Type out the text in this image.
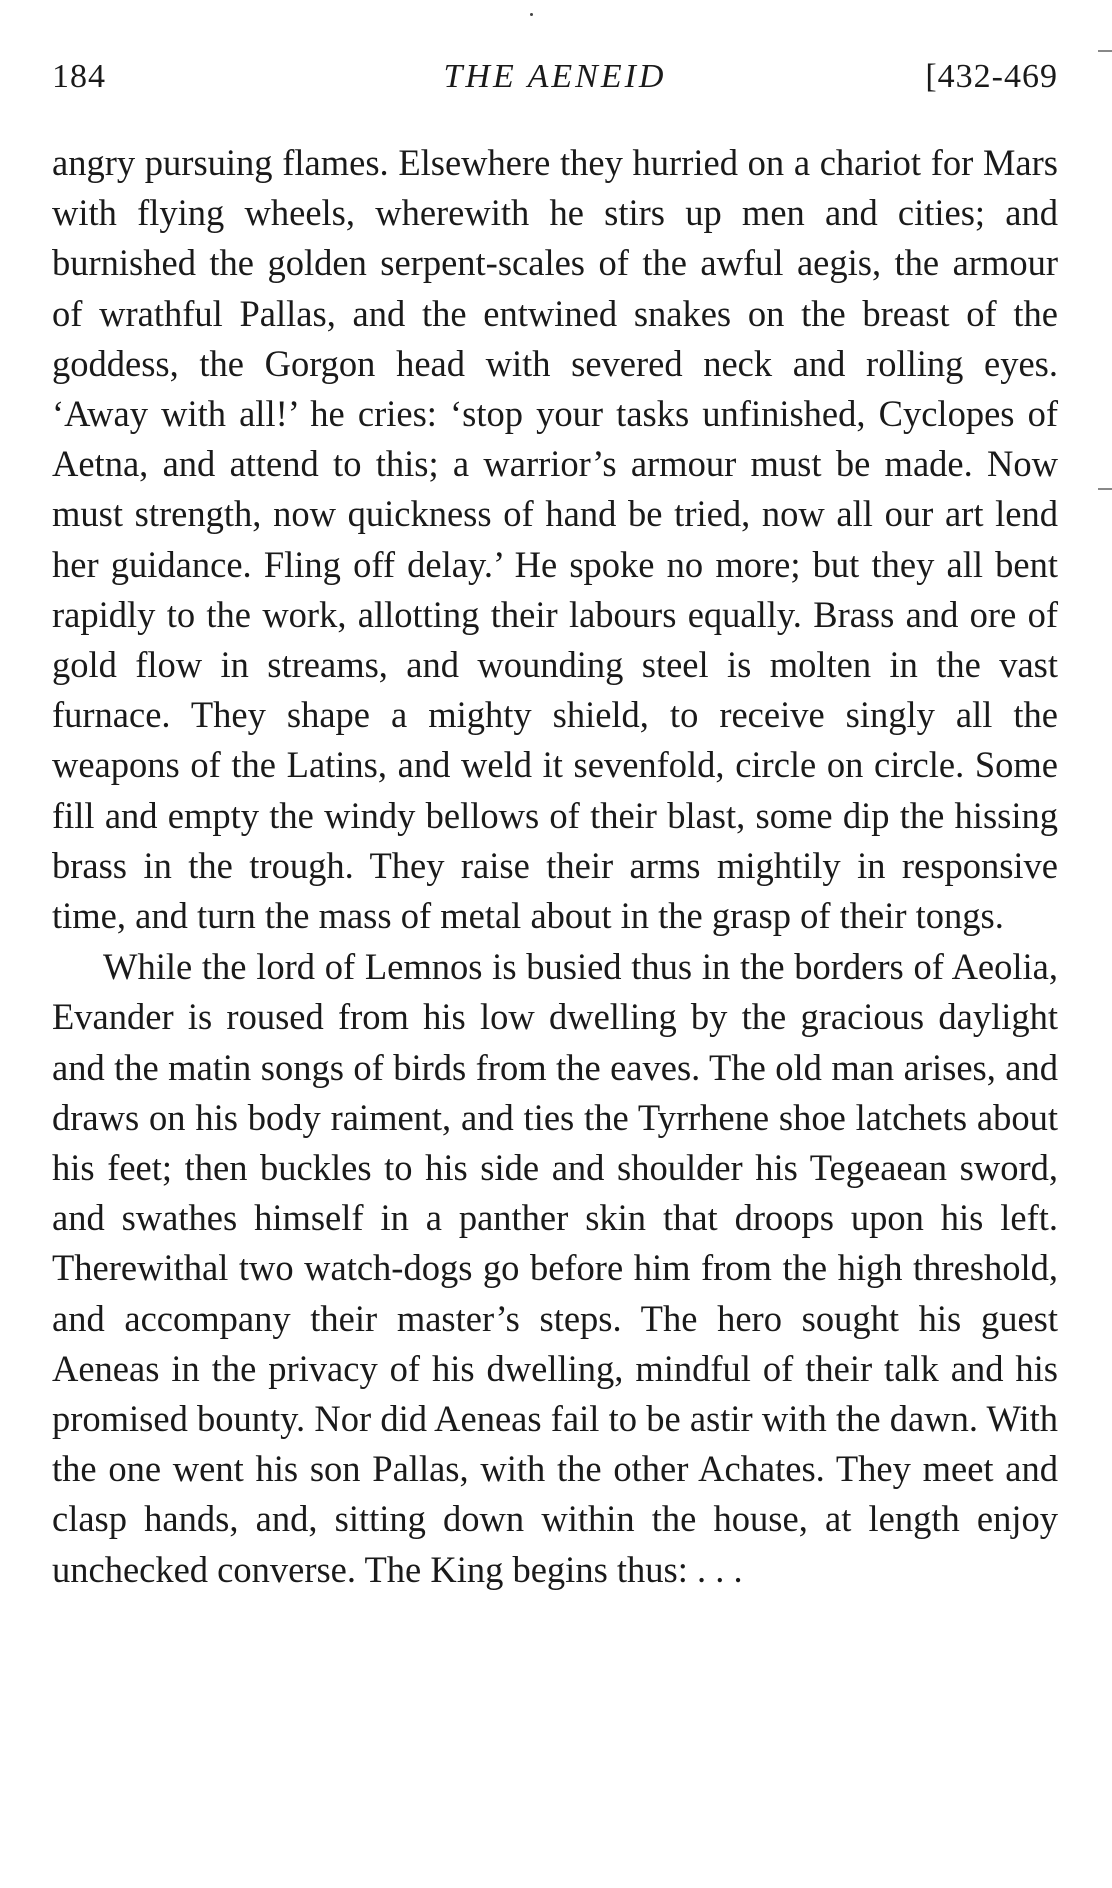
184	THE AENEID	[432-469

angry pursuing flames. Elsewhere they hurried on a chariot for Mars with flying wheels, wherewith he stirs up men and cities; and burnished the golden serpent-scales of the awful aegis, the armour of wrathful Pallas, and the entwined snakes on the breast of the goddess, the Gorgon head with severed neck and rolling eyes. ‘Away with all!’ he cries: ‘stop your tasks unfinished, Cyclopes of Aetna, and attend to this; a warrior’s armour must be made. Now must strength, now quickness of hand be tried, now all our art lend her guidance. Fling off delay.’ He spoke no more; but they all bent rapidly to the work, allotting their labours equally. Brass and ore of gold flow in streams, and wounding steel is molten in the vast furnace. They shape a mighty shield, to receive singly all the weapons of the Latins, and weld it sevenfold, circle on circle. Some fill and empty the windy bellows of their blast, some dip the hissing brass in the trough. They raise their arms mightily in responsive time, and turn the mass of metal about in the grasp of their tongs.

While the lord of Lemnos is busied thus in the borders of Aeolia, Evander is roused from his low dwelling by the gracious daylight and the matin songs of birds from the eaves. The old man arises, and draws on his body raiment, and ties the Tyrrhene shoe latchets about his feet; then buckles to his side and shoulder his Tegeaean sword, and swathes himself in a panther skin that droops upon his left. Therewithal two watch-dogs go before him from the high threshold, and accompany their master’s steps. The hero sought his guest Aeneas in the privacy of his dwelling, mindful of their talk and his promised bounty. Nor did Aeneas fail to be astir with the dawn. With the one went his son Pallas, with the other Achates. They meet and clasp hands, and, sitting down within the house, at length enjoy unchecked converse. The King begins thus: . . .
